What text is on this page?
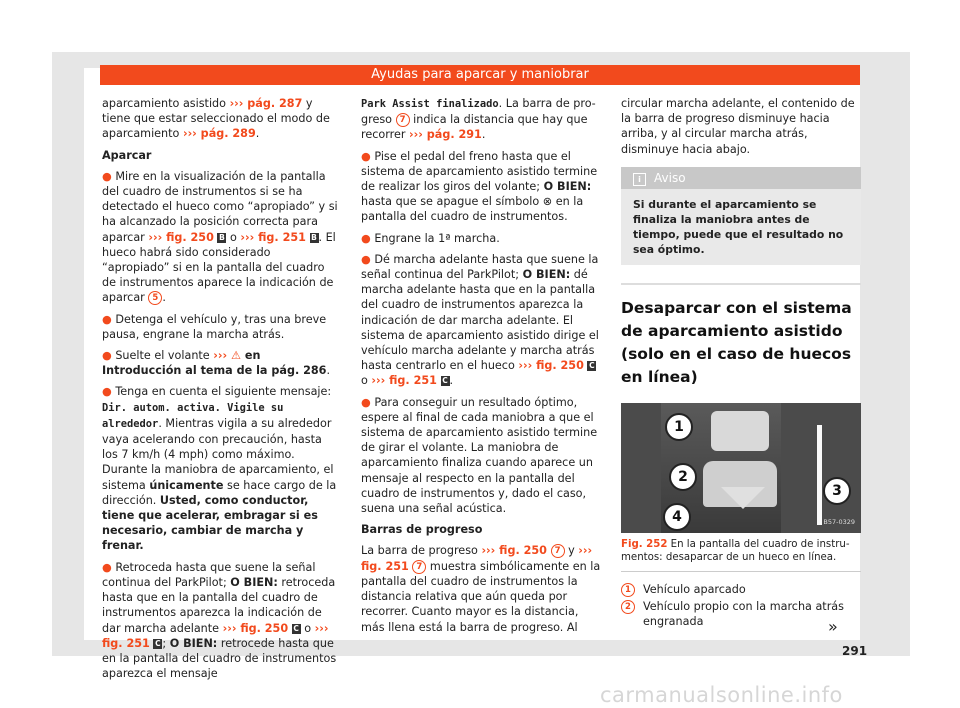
Ayudas para aparcar y maniobrar

aparcamiento asistido ››› pág. 287 y tiene que estar seleccionado el modo de aparcamiento ››› pág. 289.

Aparcar

● Mire en la visualización de la pantalla del cuadro de instrumentos si se ha detectado el hueco como “apropiado” y si ha alcanzado la posición correcta para aparcar ››› fig. 250 B o ››› fig. 251 B . El hueco habrá sido considerado “apropiado” si en la pantalla del cuadro de instrumentos aparece la indicación de aparcar 5 .

● Detenga el vehículo y, tras una breve pausa, engrane la marcha atrás.

● Suelte el volante ››› ⚠ en Introducción al tema de la pág. 286.

● Tenga en cuenta el siguiente mensaje: Dir. autom. activa. Vigile su alrededor. Mientras vigila a su alrededor vaya acelerando con precaución, hasta los 7 km/h (4 mph) como máximo. Durante la maniobra de aparcamiento, el sistema únicamente se hace cargo de la dirección. Usted, como conductor, tiene que acelerar, embragar si es necesario, cambiar de marcha y frenar.

● Retroceda hasta que suene la señal continua del ParkPilot; O BIEN: retroceda hasta que en la pantalla del cuadro de instrumentos aparezca la indicación de dar marcha adelante ››› fig. 250 C o ››› fig. 251 C ; O BIEN: retrocede hasta que en la pantalla del cuadro de instrumentos aparezca el mensaje

Park Assist finalizado. La barra de progreso 7 indica la distancia que hay que recorrer ››› pág. 291.

● Pise el pedal del freno hasta que el sistema de aparcamiento asistido termine de realizar los giros del volante; O BIEN: hasta que se apague el símbolo ⊗ en la pantalla del cuadro de instrumentos.

● Engrane la 1ª marcha.

● Dé marcha adelante hasta que suene la señal continua del ParkPilot; O BIEN: dé marcha adelante hasta que en la pantalla del cuadro de instrumentos aparezca la indicación de dar marcha adelante. El sistema de aparcamiento asistido dirige el vehículo marcha adelante y marcha atrás hasta centrarlo en el hueco ››› fig. 250 C o ››› fig. 251 C .

● Para conseguir un resultado óptimo, espere al final de cada maniobra a que el sistema de aparcamiento asistido termine de girar el volante. La maniobra de aparcamiento finaliza cuando aparece un mensaje al respecto en la pantalla del cuadro de instrumentos y, dado el caso, suena una señal acústica.

Barras de progreso

La barra de progreso ››› fig. 250 7 y ››› fig. 251 7 muestra simbólicamente en la pantalla del cuadro de instrumentos la distancia relativa que aún queda por recorrer. Cuanto mayor es la distancia, más llena está la barra de progreso. Al

circular marcha adelante, el contenido de la barra de progreso disminuye hacia arriba, y al circular marcha atrás, disminuye hacia abajo.

i Aviso
Si durante el aparcamiento se finaliza la maniobra antes de tiempo, puede que el resultado no sea óptimo.
Desaparcar con el sistema de aparcamiento asistido (solo en el caso de huecos en línea)
1
2
3
4	B57-0329
Fig. 252 En la pantalla del cuadro de instrumentos: desaparcar de un hueco en línea.
1	Vehículo aparcado
2	Vehículo propio con la marcha atrás engranada	»
291
carmanualsonline.info
